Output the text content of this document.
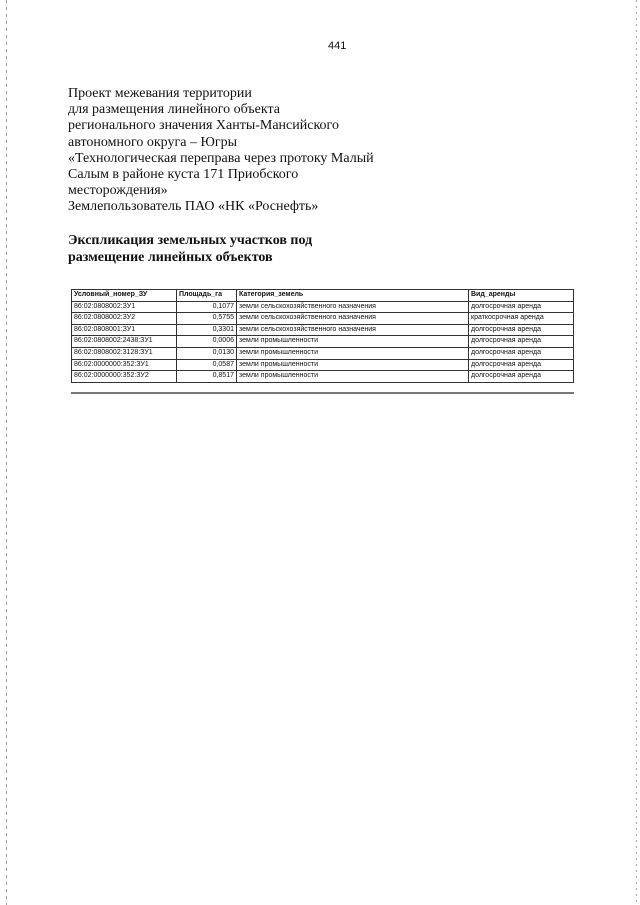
441
Проект межевания территории
для размещения линейного объекта
регионального значения Ханты-Мансийского
автономного округа – Югры
«Технологическая переправа через протоку Малый
Салым в районе куста 171 Приобского
месторождения»
Землепользователь ПАО «НК «Роснефть»
Экспликация земельных участков под
размещение линейных объектов
Условный_номер_ЗУ	Площадь_га	Категория_земель	Вид_аренды
86:02:0808002:ЗУ1	0,1077	земли сельскохозяйственного назначения	долгосрочная аренда
86:02:0808002:ЗУ2	0,5755	земли сельскохозяйственного назначения	краткосрочная аренда
86:02:0808001:ЗУ1	0,3301	земли сельскохозяйственного назначения	долгосрочная аренда
86:02:0808002:2438:ЗУ1	0,0006	земли промышленности	долгосрочная аренда
86:02:0808002:3128:ЗУ1	0,0130	земли промышленности	долгосрочная аренда
86:02:0000000:352:ЗУ1	0,0587	земли промышленности	долгосрочная аренда
86:02:0000000:352:ЗУ2	0,8517	земли промышленности	долгосрочная аренда
